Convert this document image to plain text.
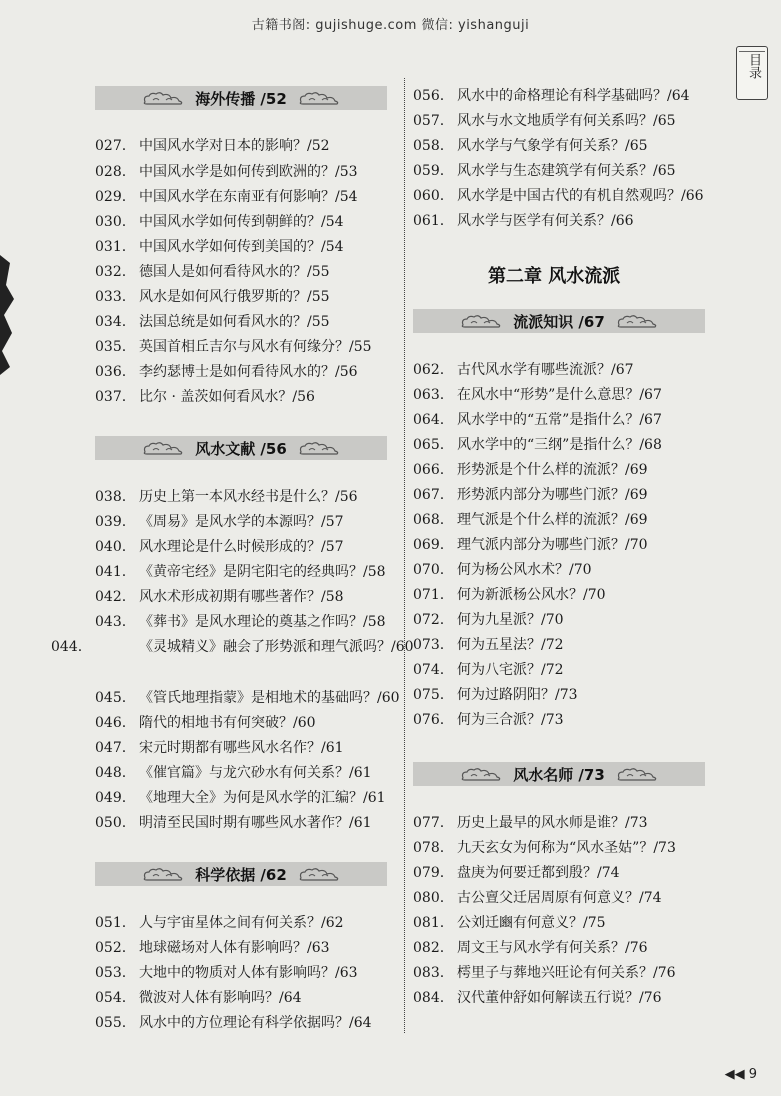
古籍书阁: gujishuge.com 微信: yishanguji
目录
海外传播 /52
027. 中国风水学对日本的影响？/52
028. 中国风水学是如何传到欧洲的？/53
029. 中国风水学在东南亚有何影响？/54
030. 中国风水学如何传到朝鲜的？/54
031. 中国风水学如何传到美国的？/54
032. 德国人是如何看待风水的？/55
033. 风水是如何风行俄罗斯的？/55
034. 法国总统是如何看风水的？/55
035. 英国首相丘吉尔与风水有何缘分？/55
036. 李约瑟博士是如何看待风水的？/56
037. 比尔 · 盖茨如何看风水？/56
风水文献 /56
038. 历史上第一本风水经书是什么？/56
039. 《周易》是风水学的本源吗？/57
040. 风水理论是什么时候形成的？/57
041. 《黄帝宅经》是阴宅阳宅的经典吗？/58
042. 风水术形成初期有哪些著作？/58
043. 《葬书》是风水理论的奠基之作吗？/58
044.	《灵城精义》融会了形势派和理气派吗？/60
045. 《管氏地理指蒙》是相地术的基础吗？/60
046. 隋代的相地书有何突破？/60
047. 宋元时期都有哪些风水名作？/61
048. 《催官篇》与龙穴砂水有何关系？/61
049. 《地理大全》为何是风水学的汇编？/61
050. 明清至民国时期有哪些风水著作？/61
科学依据 /62
051. 人与宇宙星体之间有何关系？/62
052. 地球磁场对人体有影响吗？/63
053. 大地中的物质对人体有影响吗？/63
054. 微波对人体有影响吗？/64
055. 风水中的方位理论有科学依据吗？/64
056. 风水中的命格理论有科学基础吗？/64
057. 风水与水文地质学有何关系吗？/65
058. 风水学与气象学有何关系？/65
059. 风水学与生态建筑学有何关系？/65
060. 风水学是中国古代的有机自然观吗？/66
061. 风水学与医学有何关系？/66
第二章 风水流派
流派知识 /67
062. 古代风水学有哪些流派？/67
063. 在风水中“形势”是什么意思？/67
064. 风水学中的“五常”是指什么？/67
065. 风水学中的“三纲”是指什么？/68
066. 形势派是个什么样的流派？/69
067. 形势派内部分为哪些门派？/69
068. 理气派是个什么样的流派？/69
069. 理气派内部分为哪些门派？/70
070. 何为杨公风水术？/70
071. 何为新派杨公风水？/70
072. 何为九星派？/70
073. 何为五星法？/72
074. 何为八宅派？/72
075. 何为过路阴阳？/73
076. 何为三合派？/73
风水名师 /73
077. 历史上最早的风水师是谁？/73
078. 九天玄女为何称为“风水圣姑”？/73
079. 盘庚为何要迁都到殷？/74
080. 古公亶父迁居周原有何意义？/74
081. 公刘迁豳有何意义？/75
082. 周文王与风水学有何关系？/76
083. 樗里子与葬地兴旺论有何关系？/76
084. 汉代董仲舒如何解读五行说？/76
◀◀ 9
